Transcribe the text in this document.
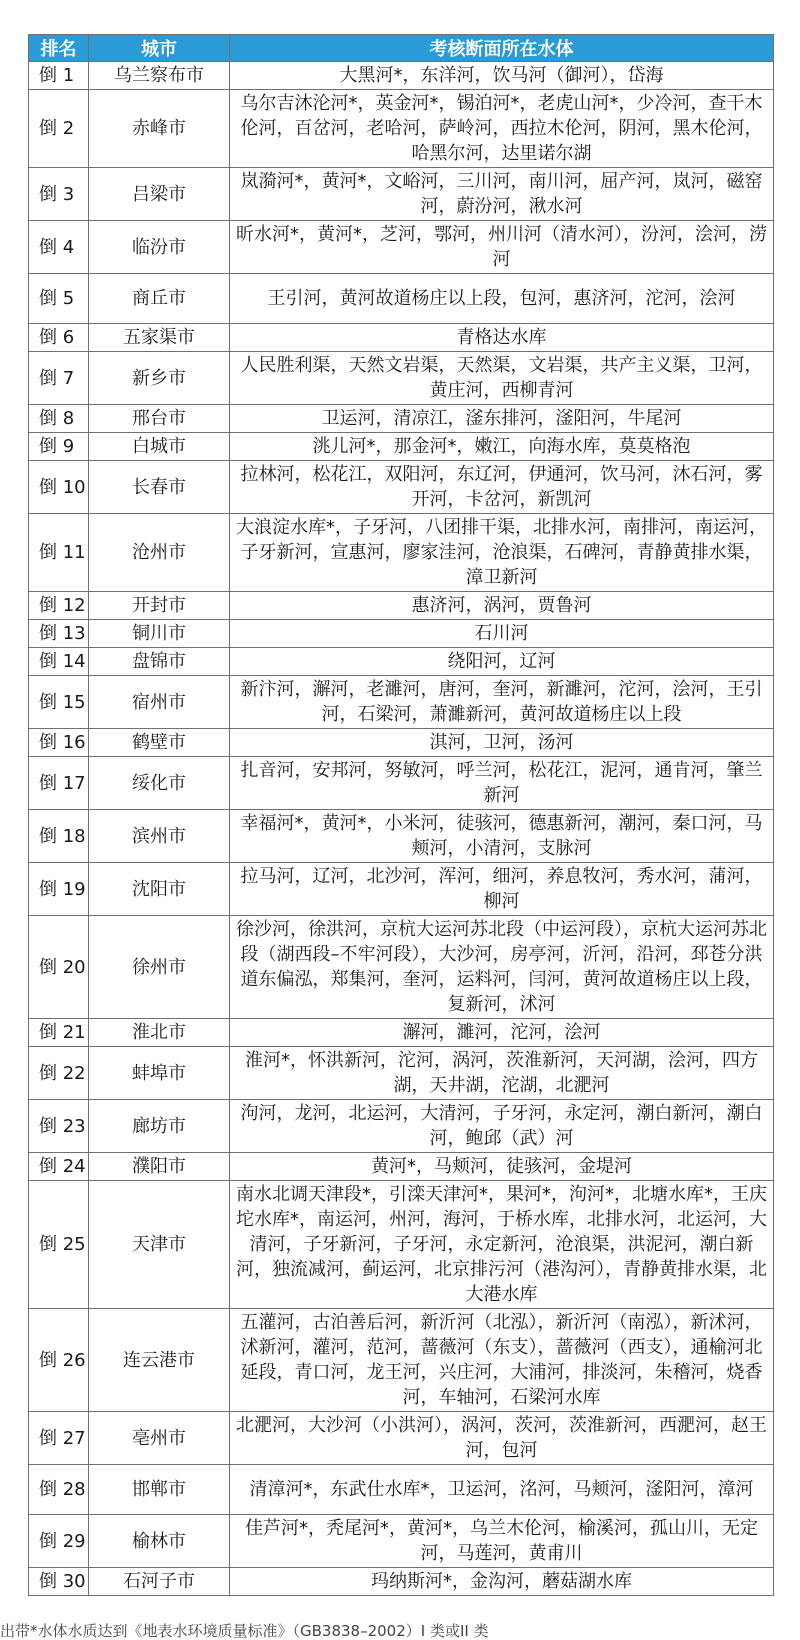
排名	城市	考核断面所在水体
倒 1	乌兰察布市	大黑河*，东洋河，饮马河（御河），岱海
倒 2	赤峰市	乌尔吉沐沦河*，英金河*，锡泊河*，老虎山河*，少冷河，查干木伦河，百岔河，老哈河，萨岭河，西拉木伦河，阴河，黑木伦河，哈黑尔河，达里诺尔湖
倒 3	吕梁市	岚漪河*，黄河*，文峪河，三川河，南川河，屈产河，岚河，磁窑河，蔚汾河，湫水河
倒 4	临汾市	昕水河*，黄河*，芝河，鄂河，州川河（清水河），汾河，浍河，涝河
倒 5	商丘市	王引河，黄河故道杨庄以上段，包河，惠济河，沱河，浍河
倒 6	五家渠市	青格达水库
倒 7	新乡市	人民胜利渠，天然文岩渠，天然渠，文岩渠，共产主义渠，卫河，黄庄河，西柳青河
倒 8	邢台市	卫运河，清凉江，滏东排河，滏阳河，牛尾河
倒 9	白城市	洮儿河*，那金河*，嫩江，向海水库，莫莫格泡
倒 10	长春市	拉林河，松花江，双阳河，东辽河，伊通河，饮马河，沐石河，雾开河，卡岔河，新凯河
倒 11	沧州市	大浪淀水库*，子牙河，八团排干渠，北排水河，南排河，南运河，子牙新河，宣惠河，廖家洼河，沧浪渠，石碑河，青静黄排水渠，漳卫新河
倒 12	开封市	惠济河，涡河，贾鲁河
倒 13	铜川市	石川河
倒 14	盘锦市	绕阳河，辽河
倒 15	宿州市	新汴河，澥河，老濉河，唐河，奎河，新濉河，沱河，浍河，王引河，石梁河，萧濉新河，黄河故道杨庄以上段
倒 16	鹤壁市	淇河，卫河，汤河
倒 17	绥化市	扎音河，安邦河，努敏河，呼兰河，松花江，泥河，通肯河，肇兰新河
倒 18	滨州市	幸福河*，黄河*，小米河，徒骇河，德惠新河，潮河，秦口河，马颊河，小清河，支脉河
倒 19	沈阳市	拉马河，辽河，北沙河，浑河，细河，养息牧河，秀水河，蒲河，柳河
倒 20	徐州市	徐沙河，徐洪河，京杭大运河苏北段（中运河段），京杭大运河苏北段（湖西段–不牢河段），大沙河，房亭河，沂河，沿河，邳苍分洪道东偏泓，郑集河，奎河，运料河，闫河，黄河故道杨庄以上段，复新河，沭河
倒 21	淮北市	澥河，濉河，沱河，浍河
倒 22	蚌埠市	淮河*，怀洪新河，沱河，涡河，茨淮新河，天河湖，浍河，四方湖，天井湖，沱湖，北淝河
倒 23	廊坊市	泃河，龙河，北运河，大清河，子牙河，永定河，潮白新河，潮白河，鲍邱（武）河
倒 24	濮阳市	黄河*，马颊河，徒骇河，金堤河
倒 25	天津市	南水北调天津段*，引滦天津河*，果河*，泃河*，北塘水库*，王庆坨水库*，南运河，州河，海河，于桥水库，北排水河，北运河，大清河，子牙新河，子牙河，永定新河，沧浪渠，洪泥河，潮白新河，独流减河，蓟运河，北京排污河（港沟河），青静黄排水渠，北大港水库
倒 26	连云港市	五灌河，古泊善后河，新沂河（北泓），新沂河（南泓），新沭河，沭新河，灌河，范河，蔷薇河（东支），蔷薇河（西支），通榆河北延段，青口河，龙王河，兴庄河，大浦河，排淡河，朱稽河，烧香河，车轴河，石梁河水库
倒 27	亳州市	北淝河，大沙河（小洪河），涡河，茨河，茨淮新河，西淝河，赵王河，包河
倒 28	邯郸市	清漳河*，东武仕水库*，卫运河，洺河，马颊河，滏阳河，漳河
倒 29	榆林市	佳芦河*，秃尾河*，黄河*，乌兰木伦河，榆溪河，孤山川，无定河，马莲河，黄甫川
倒 30	石河子市	玛纳斯河*，金沟河，蘑菇湖水库
出带*水体水质达到《地表水环境质量标准》（GB3838–2002）I 类或II 类
